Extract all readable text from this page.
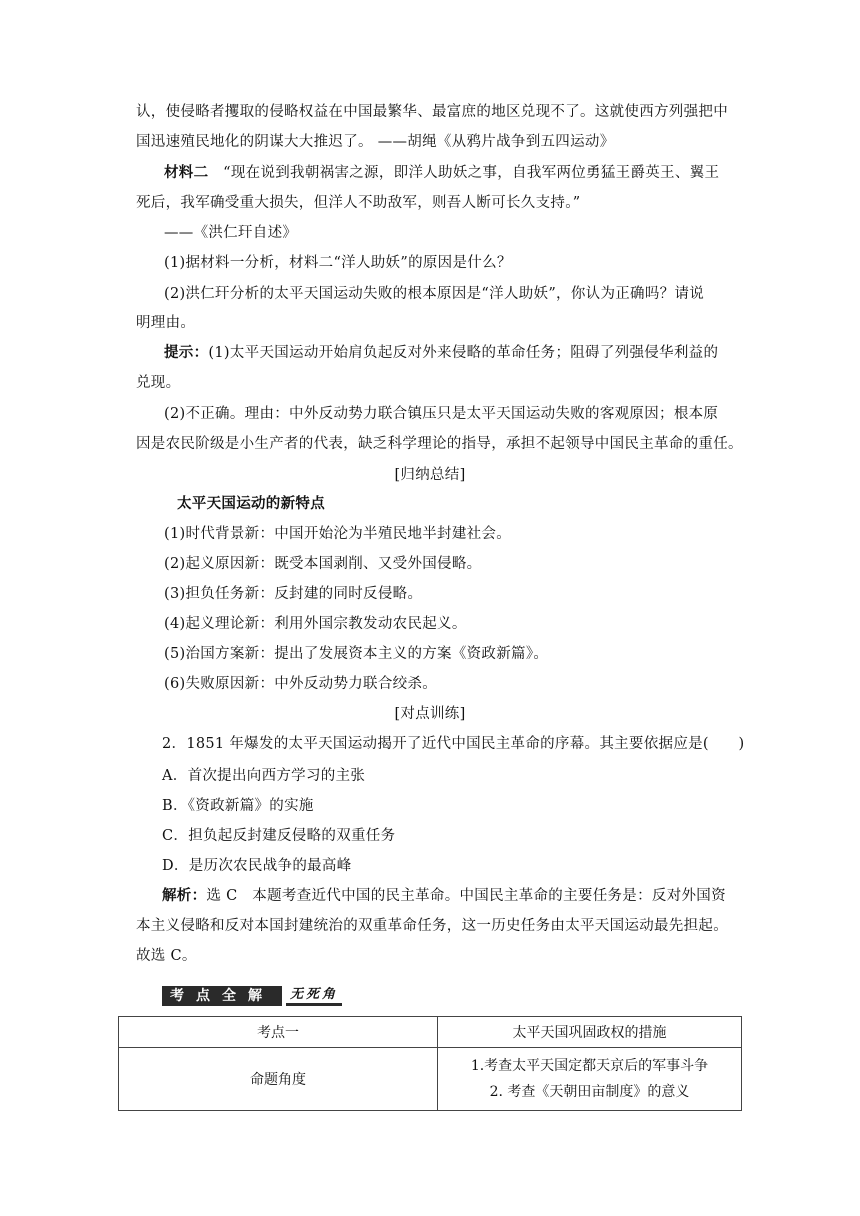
认，使侵略者攫取的侵略权益在中国最繁华、最富庶的地区兑现不了。这就使西方列强把中
国迅速殖民地化的阴谋大大推迟了。 ——胡绳《从鸦片战争到五四运动》
材料二 “现在说到我朝祸害之源，即洋人助妖之事，自我军两位勇猛王爵英王、翼王
死后，我军确受重大损失，但洋人不助敌军，则吾人断可长久支持。”
——《洪仁玕自述》
(1)据材料一分析，材料二“洋人助妖”的原因是什么？
(2)洪仁玕分析的太平天国运动失败的根本原因是“洋人助妖”，你认为正确吗？请说
明理由。
提示：(1)太平天国运动开始肩负起反对外来侵略的革命任务；阻碍了列强侵华利益的
兑现。
(2)不正确。理由：中外反动势力联合镇压只是太平天国运动失败的客观原因；根本原
因是农民阶级是小生产者的代表，缺乏科学理论的指导，承担不起领导中国民主革命的重任。
[归纳总结]
太平天国运动的新特点
(1)时代背景新：中国开始沦为半殖民地半封建社会。
(2)起义原因新：既受本国剥削、又受外国侵略。
(3)担负任务新：反封建的同时反侵略。
(4)起义理论新：利用外国宗教发动农民起义。
(5)治国方案新：提出了发展资本主义的方案《资政新篇》。
(6)失败原因新：中外反动势力联合绞杀。
[对点训练]
2．1851 年爆发的太平天国运动揭开了近代中国民主革命的序幕。其主要依据应是(　　)
A．首次提出向西方学习的主张
B．《资政新篇》的实施
C．担负起反封建反侵略的双重任务
D．是历次农民战争的最高峰
解析：选 C　本题考查近代中国的民主革命。中国民主革命的主要任务是：反对外国资
本主义侵略和反对本国封建统治的双重革命任务，这一历史任务由太平天国运动最先担起。
故选 C。
考 点 全 解	无死角
考点一	太平天国巩固政权的措施
命题角度	1.考查太平天国定都天京后的军事斗争
2. 考查《天朝田亩制度》的意义
